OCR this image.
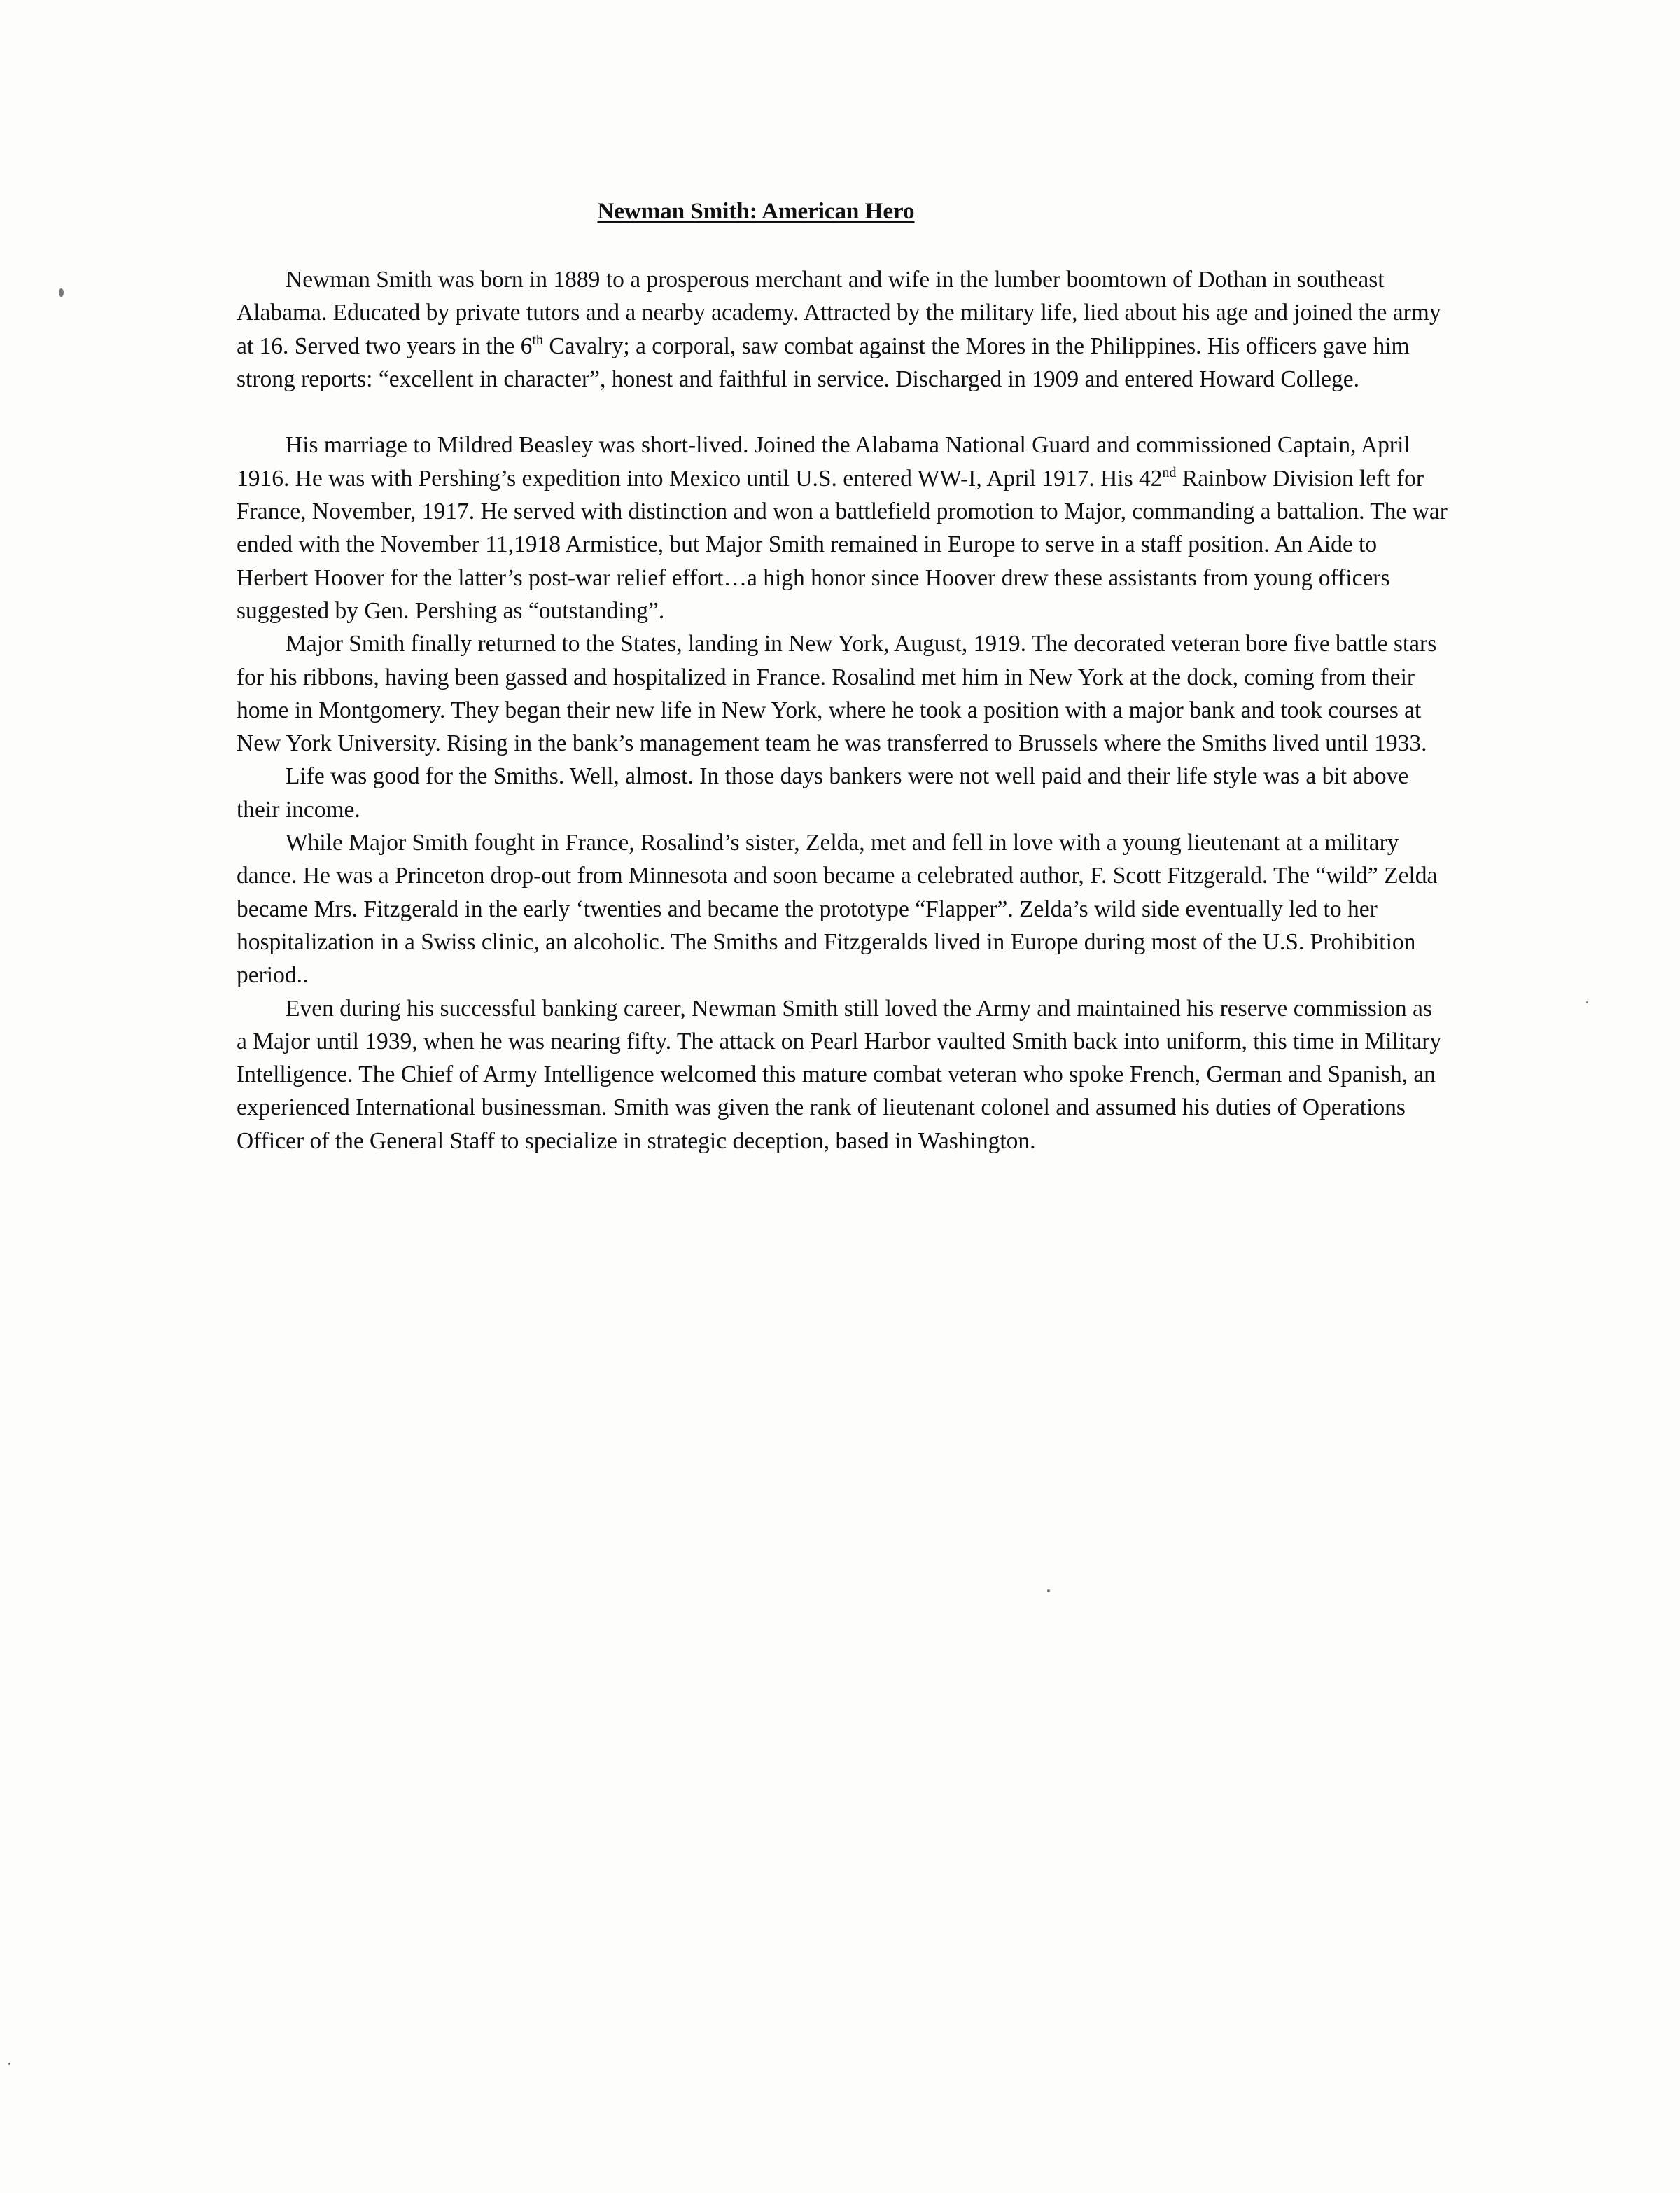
Newman Smith: American Hero

Newman Smith was born in 1889 to a prosperous merchant and wife in the lumber boomtown of Dothan in southeast Alabama. Educated by private tutors and a nearby academy. Attracted by the military life, lied about his age and joined the army at 16. Served two years in the 6th Cavalry; a corporal, saw combat against the Mores in the Philippines. His officers gave him strong reports: “excellent in character”, honest and faithful in service. Discharged in 1909 and entered Howard College.

His marriage to Mildred Beasley was short-lived. Joined the Alabama National Guard and commissioned Captain, April 1916. He was with Pershing’s expedition into Mexico until U.S. entered WW-I, April 1917. His 42nd Rainbow Division left for France, November, 1917. He served with distinction and won a battlefield promotion to Major, commanding a battalion. The war ended with the November 11,1918 Armistice, but Major Smith remained in Europe to serve in a staff position. An Aide to Herbert Hoover for the latter’s post-war relief effort…a high honor since Hoover drew these assistants from young officers suggested by Gen. Pershing as “outstanding”.

Major Smith finally returned to the States, landing in New York, August, 1919. The decorated veteran bore five battle stars for his ribbons, having been gassed and hospitalized in France. Rosalind met him in New York at the dock, coming from their home in Montgomery. They began their new life in New York, where he took a position with a major bank and took courses at New York University. Rising in the bank’s management team he was transferred to Brussels where the Smiths lived until 1933.

Life was good for the Smiths. Well, almost. In those days bankers were not well paid and their life style was a bit above their income.

While Major Smith fought in France, Rosalind’s sister, Zelda, met and fell in love with a young lieutenant at a military dance. He was a Princeton drop-out from Minnesota and soon became a celebrated author, F. Scott Fitzgerald. The “wild” Zelda became Mrs. Fitzgerald in the early ‘twenties and became the prototype “Flapper”. Zelda’s wild side eventually led to her hospitalization in a Swiss clinic, an alcoholic. The Smiths and Fitzgeralds lived in Europe during most of the U.S. Prohibition period..

Even during his successful banking career, Newman Smith still loved the Army and maintained his reserve commission as a Major until 1939, when he was nearing fifty. The attack on Pearl Harbor vaulted Smith back into uniform, this time in Military Intelligence. The Chief of Army Intelligence welcomed this mature combat veteran who spoke French, German and Spanish, an experienced International businessman. Smith was given the rank of lieutenant colonel and assumed his duties of Operations Officer of the General Staff to specialize in strategic deception, based in Washington.
